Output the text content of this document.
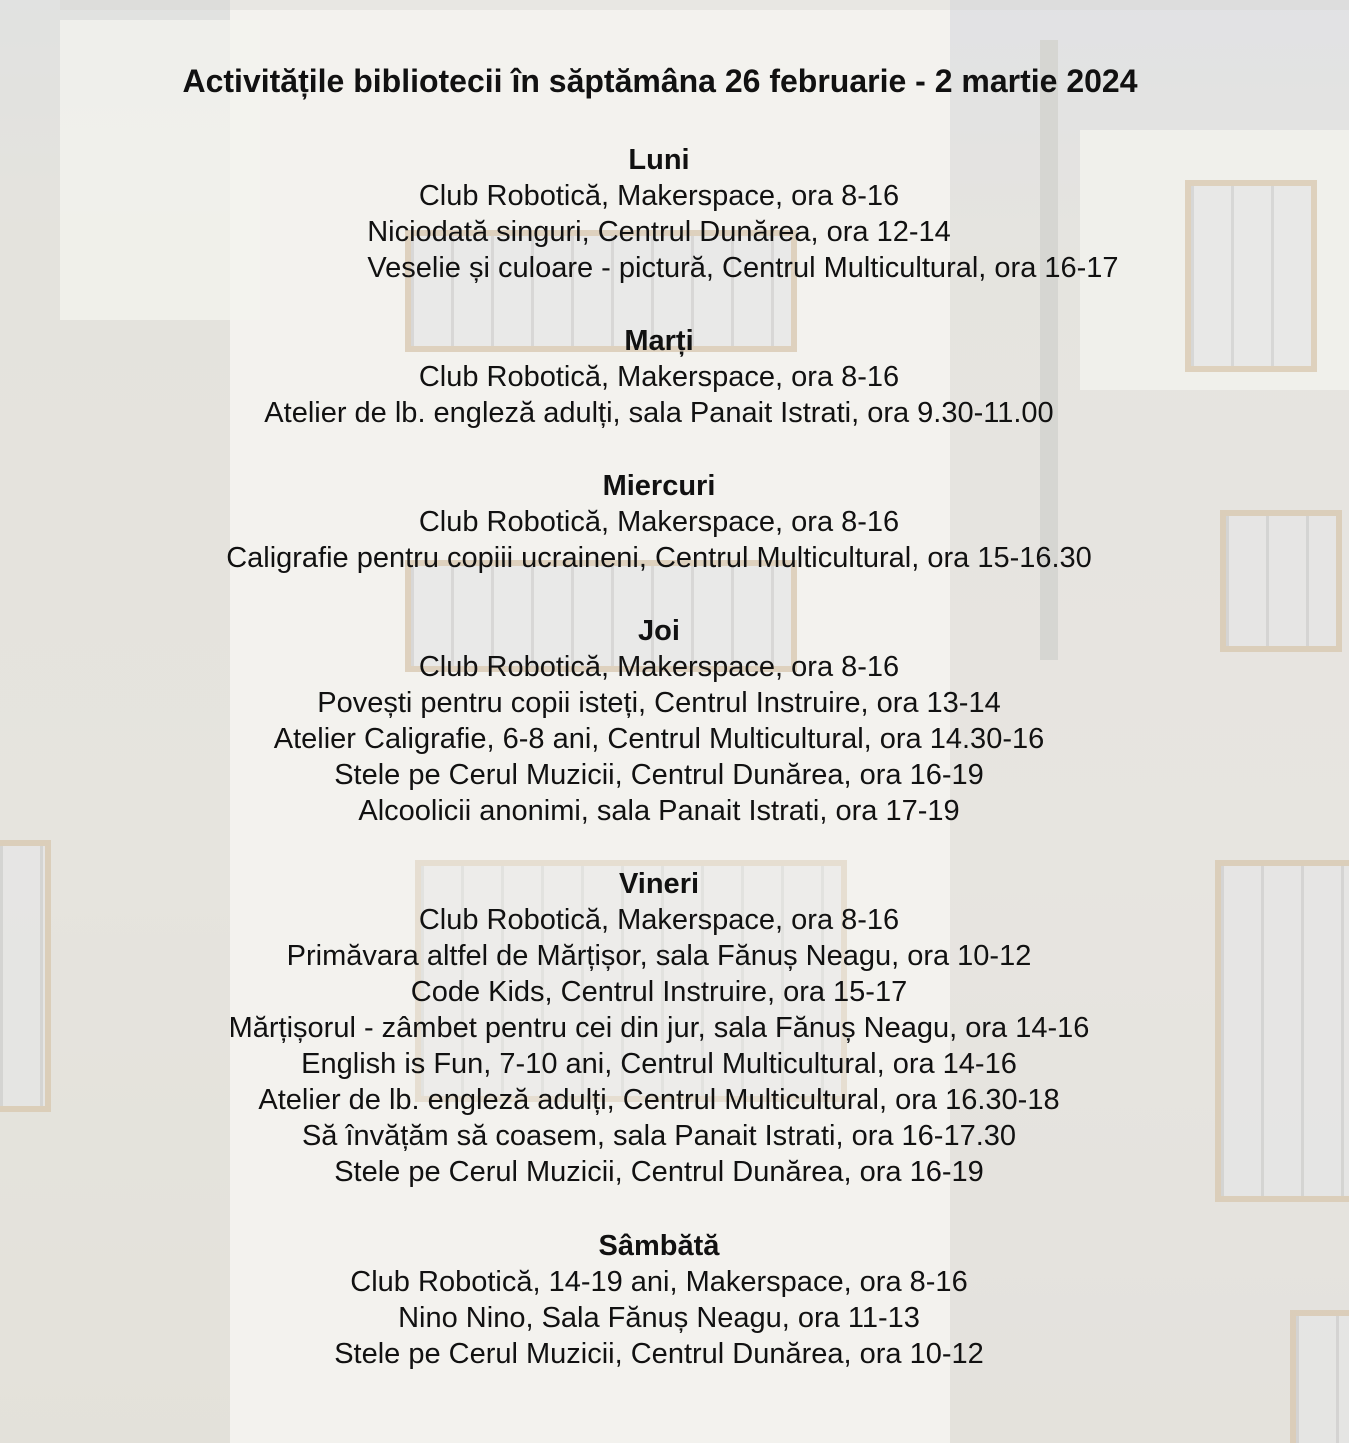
Activitățile bibliotecii în săptămâna 26 februarie - 2 martie 2024
Luni
Club Robotică, Makerspace, ora 8-16
Niciodată singuri, Centrul Dunărea, ora 12-14
Veselie și culoare - pictură, Centrul Multicultural, ora 16-17
Marți
Club Robotică, Makerspace, ora 8-16
Atelier de lb. engleză adulți, sala Panait Istrati, ora 9.30-11.00
Miercuri
Club Robotică, Makerspace, ora 8-16
Caligrafie pentru copiii ucraineni, Centrul Multicultural, ora 15-16.30
Joi
Club Robotică, Makerspace, ora 8-16
Povești pentru copii isteți, Centrul Instruire, ora 13-14
Atelier Caligrafie, 6-8 ani, Centrul Multicultural, ora 14.30-16
Stele pe Cerul Muzicii, Centrul Dunărea, ora 16-19
Alcoolicii anonimi, sala Panait Istrati, ora 17-19
Vineri
Club Robotică, Makerspace, ora 8-16
Primăvara altfel de Mărțișor, sala Fănuș Neagu, ora 10-12
Code Kids, Centrul Instruire, ora 15-17
Mărțișorul - zâmbet pentru cei din jur, sala Fănuș Neagu, ora 14-16
English is Fun, 7-10 ani, Centrul Multicultural, ora 14-16
Atelier de lb. engleză adulți, Centrul Multicultural, ora 16.30-18
Să învățăm să coasem, sala Panait Istrati, ora 16-17.30
Stele pe Cerul Muzicii, Centrul Dunărea, ora 16-19
Sâmbătă
Club Robotică, 14-19 ani, Makerspace, ora 8-16
Nino Nino, Sala Fănuș Neagu, ora 11-13
Stele pe Cerul Muzicii, Centrul Dunărea, ora 10-12
